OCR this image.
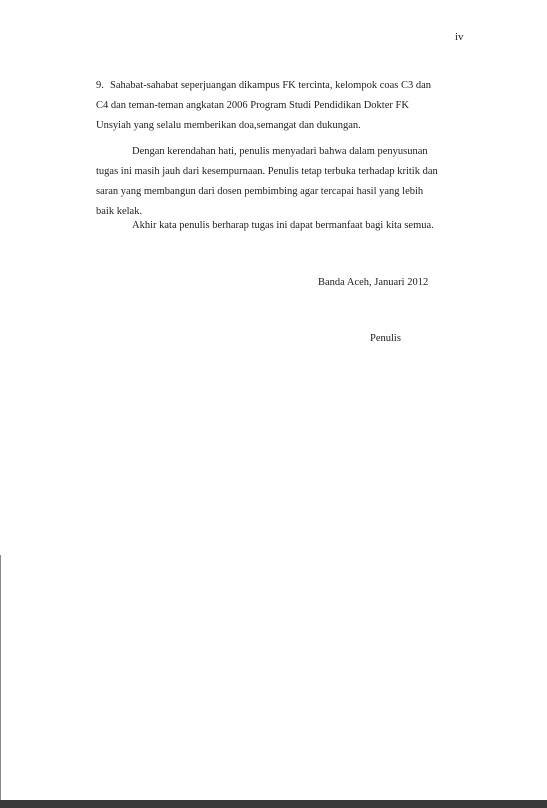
iv
9. Sahabat-sahabat seperjuangan dikampus FK tercinta, kelompok coas C3 dan
C4 dan teman-teman angkatan 2006 Program Studi Pendidikan Dokter FK
Unsyiah yang selalu memberikan doa,semangat dan dukungan.
Dengan kerendahan hati, penulis menyadari bahwa dalam penyusunan
tugas ini masih jauh dari kesempurnaan. Penulis tetap terbuka terhadap kritik dan
saran yang membangun dari dosen pembimbing agar tercapai hasil yang lebih
baik kelak.
Akhir kata penulis berharap tugas ini dapat bermanfaat bagi kita semua.
Banda Aceh, Januari 2012
Penulis
